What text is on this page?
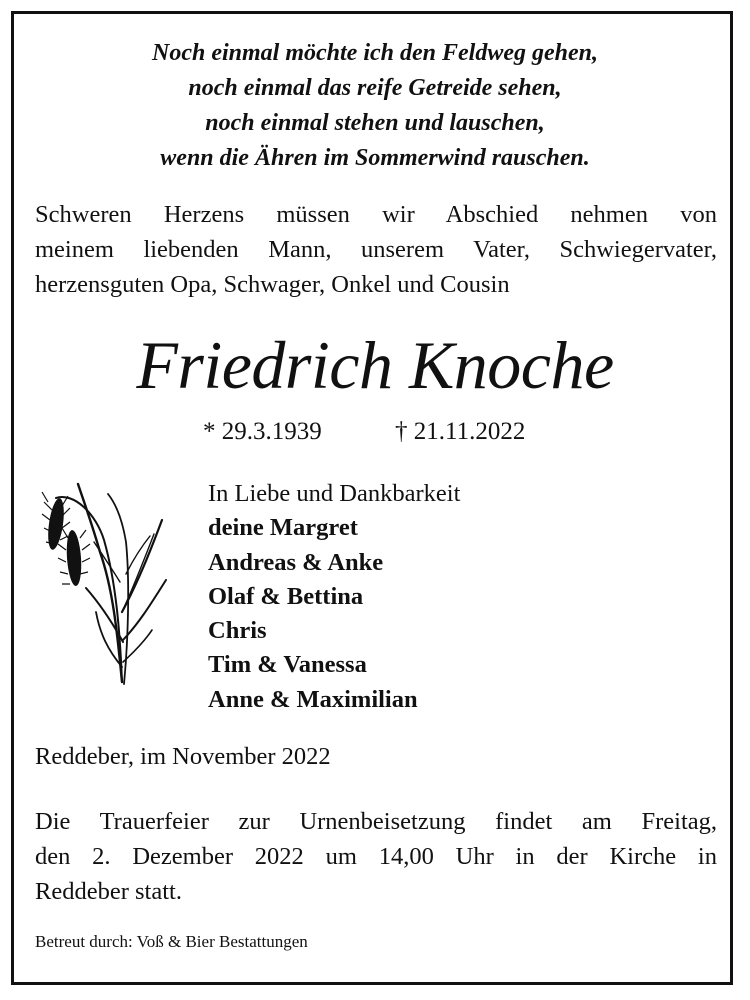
Noch einmal möchte ich den Feldweg gehen,
noch einmal das reife Getreide sehen,
noch einmal stehen und lauschen,
wenn die Ähren im Sommerwind rauschen.
Schweren Herzens müssen wir Abschied nehmen von
meinem liebenden Mann, unserem Vater, Schwiegervater,
herzensguten Opa, Schwager, Onkel und Cousin
Friedrich Knoche
* 29.3.1939	† 21.11.2022
In Liebe und Dankbarkeit
deine Margret
Andreas & Anke
Olaf & Bettina
Chris
Tim & Vanessa
Anne & Maximilian
Reddeber, im November 2022
Die Trauerfeier zur Urnenbeisetzung findet am Freitag,
den 2. Dezember 2022 um 14,00 Uhr in der Kirche in
Reddeber statt.
Betreut durch: Voß & Bier Bestattungen
